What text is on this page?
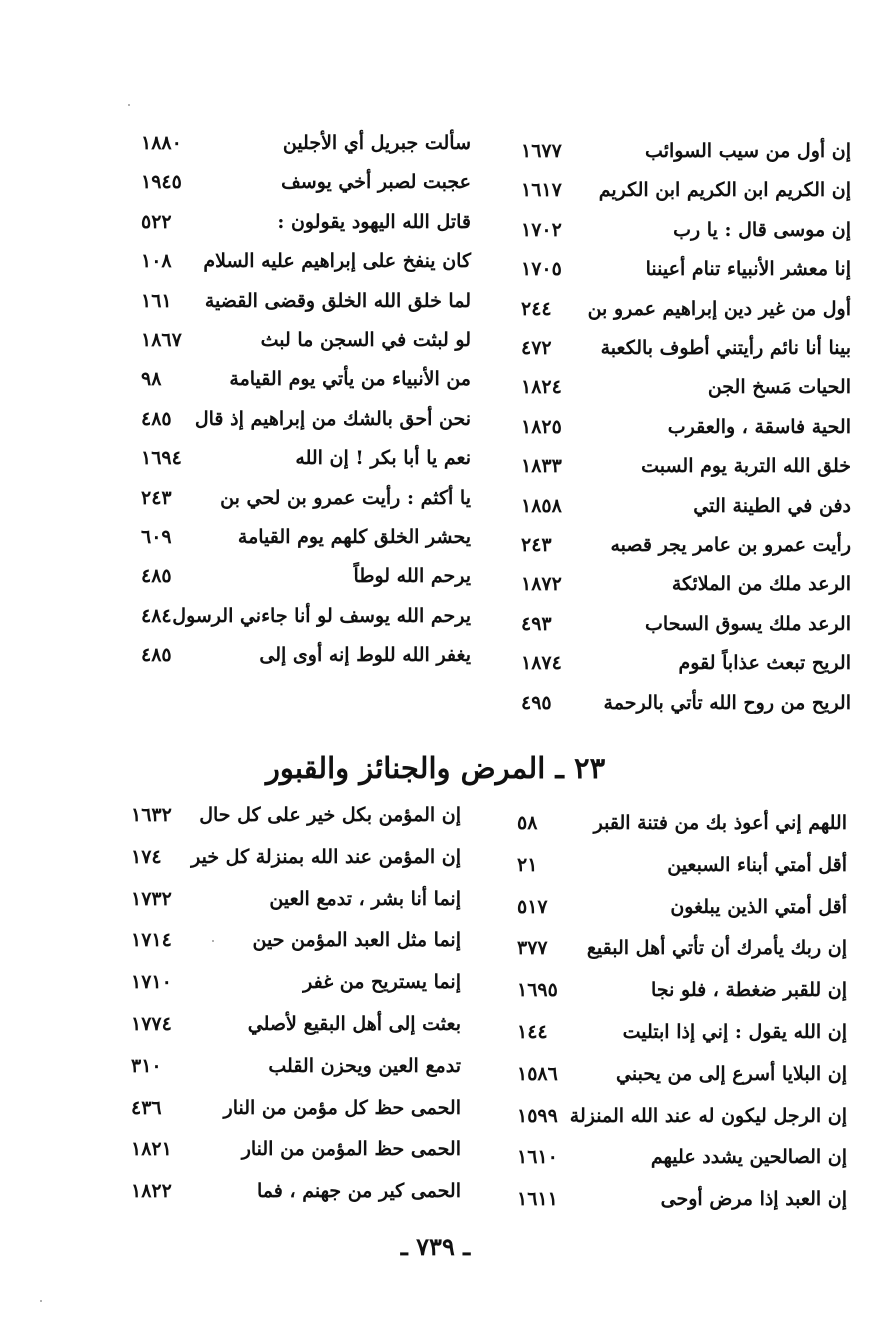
إن أول من سيب السوائب
١٦٧٧
إن الكريم ابن الكريم ابن الكريم
١٦١٧
إن موسى قال : يا رب
١٧٠٢
إنا معشر الأنبياء تنام أعيننا
١٧٠٥
أول من غير دين إبراهيم عمرو بن
٢٤٤
بينا أنا نائم رأيتني أطوف بالكعبة
٤٧٢
الحيات مَسخ الجن
١٨٢٤
الحية فاسقة ، والعقرب
١٨٢٥
خلق الله التربة يوم السبت
١٨٣٣
دفن في الطينة التي
١٨٥٨
رأيت عمرو بن عامر يجر قصبه
٢٤٣
الرعد ملك من الملائكة
١٨٧٢
الرعد ملك يسوق السحاب
٤٩٣
الريح تبعث عذاباً لقوم
١٨٧٤
الريح من روح الله تأتي بالرحمة
٤٩٥
سألت جبريل أي الأجلين
١٨٨٠
عجبت لصبر أخي يوسف
١٩٤٥
قاتل الله اليهود يقولون :
٥٢٢
كان ينفخ على إبراهيم عليه السلام
١٠٨
لما خلق الله الخلق وقضى القضية
١٦١
لو لبثت في السجن ما لبث
١٨٦٧
من الأنبياء من يأتي يوم القيامة
٩٨
نحن أحق بالشك من إبراهيم إذ قال
٤٨٥
نعم يا أبا بكر ! إن الله
١٦٩٤
يا أكثم : رأيت عمرو بن لحي بن
٢٤٣
يحشر الخلق كلهم يوم القيامة
٦٠٩
يرحم الله لوطاً
٤٨٥
يرحم الله يوسف لو أنا جاءني الرسول
٤٨٤
يغفر الله للوط إنه أوى إلى
٤٨٥
٢٣ ـ المرض والجنائز والقبور
اللهم إني أعوذ بك من فتنة القبر
٥٨
أقل أمتي أبناء السبعين
٢١
أقل أمتي الذين يبلغون
٥١٧
إن ربك يأمرك أن تأتي أهل البقيع
٣٧٧
إن للقبر ضغطة ، فلو نجا
١٦٩٥
إن الله يقول : إني إذا ابتليت
١٤٤
إن البلايا أسرع إلى من يحبني
١٥٨٦
إن الرجل ليكون له عند الله المنزلة
١٥٩٩
إن الصالحين يشدد عليهم
١٦١٠
إن العبد إذا مرض أوحى
١٦١١
إن المؤمن بكل خير على كل حال
١٦٣٢
إن المؤمن عند الله بمنزلة كل خير
١٧٤
إنما أنا بشر ، تدمع العين
١٧٣٢
إنما مثل العبد المؤمن حين
١٧١٤
إنما يستريح من غفر
١٧١٠
بعثت إلى أهل البقيع لأصلي
١٧٧٤
تدمع العين ويحزن القلب
٣١٠
الحمى حظ كل مؤمن من النار
٤٣٦
الحمى حظ المؤمن من النار
١٨٢١
الحمى كير من جهنم ، فما
١٨٢٢
ـ ٧٣٩ ـ
